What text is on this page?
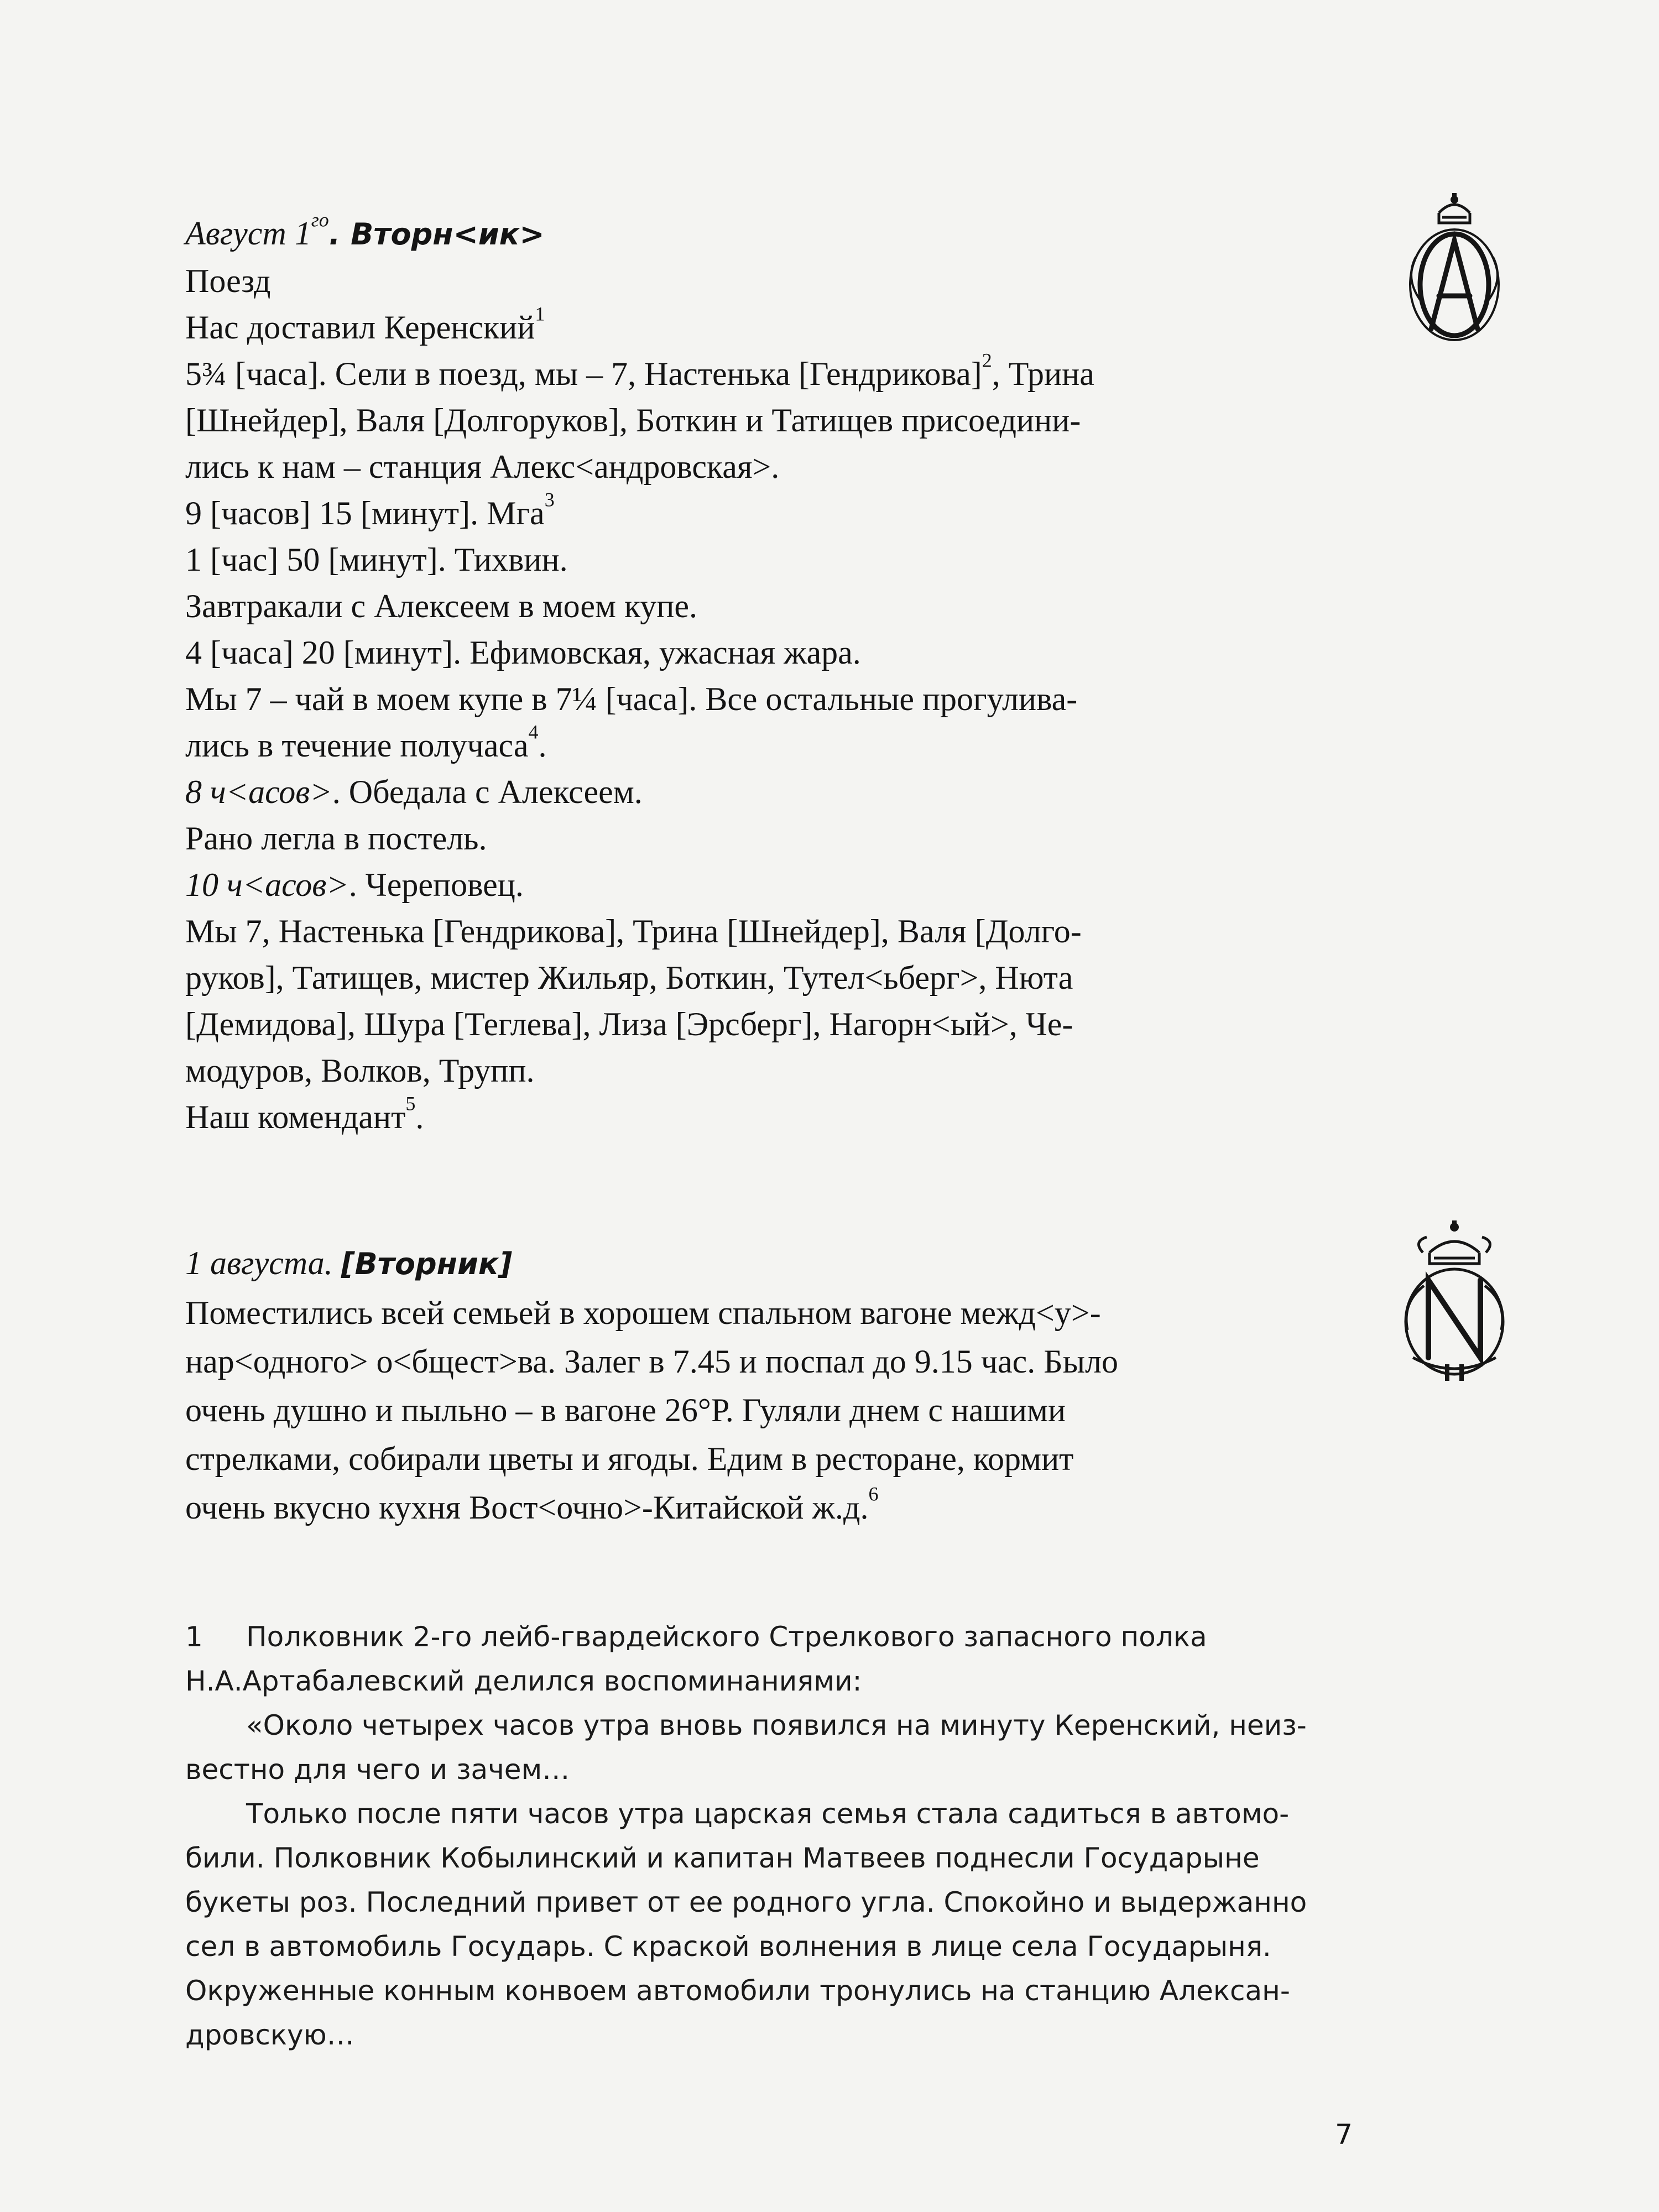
Август $1^{го}$. Вторн<ик>
Поезд
Нас доставил Керенский$^1$
5¾ [часа]. Сели в поезд, мы – 7, Настенька [Гендрикова]$^2$, Трина
[Шнейдер], Валя [Долгоруков], Боткин и Татищев присоедини-
лись к нам – станция Алекс<андровская>.
9 [часов] 15 [минут]. Мга$^3$
1 [час] 50 [минут]. Тихвин.
Завтракали с Алексеем в моем купе.
4 [часа] 20 [минут]. Ефимовская, ужасная жара.
Мы 7 – чай в моем купе в 7¼ [часа]. Все остальные прогулива-
лись в течение получаса$^4$.
8 ч<асов>. Обедала с Алексеем.
Рано легла в постель.
10 ч<асов>. Череповец.
Мы 7, Настенька [Гендрикова], Трина [Шнейдер], Валя [Долго-
руков], Татищев, мистер Жильяр, Боткин, Тутел<ьберг>, Нюта
[Демидова], Шура [Теглева], Лиза [Эрсберг], Нагорн<ый>, Че-
модуров, Волков, Трупп.
Наш комендант$^5$.
1 августа. [Вторник]
Поместились всей семьей в хорошем спальном вагоне межд<у>-
нар<одного> о<бщест>ва. Залег в 7.45 и поспал до 9.15 час. Было
очень душно и пыльно – в вагоне 26°Р. Гуляли днем с нашими
стрелками, собирали цветы и ягоды. Едим в ресторане, кормит
очень вкусно кухня Вост<очно>-Китайской ж.д.$^6$
1 Полковник 2-го лейб-гвардейского Стрелкового запасного полка
Н.А.Артабалевский делился воспоминаниями:
«Около четырех часов утра вновь появился на минуту Керенский, неиз-
вестно для чего и зачем…
Только после пяти часов утра царская семья стала садиться в автомо-
били. Полковник Кобылинский и капитан Матвеев поднесли Государыне
букеты роз. Последний привет от ее родного угла. Спокойно и выдержанно
сел в автомобиль Государь. С краской волнения в лице села Государыня.
Окруженные конным конвоем автомобили тронулись на станцию Алексан-
дровскую…
7
